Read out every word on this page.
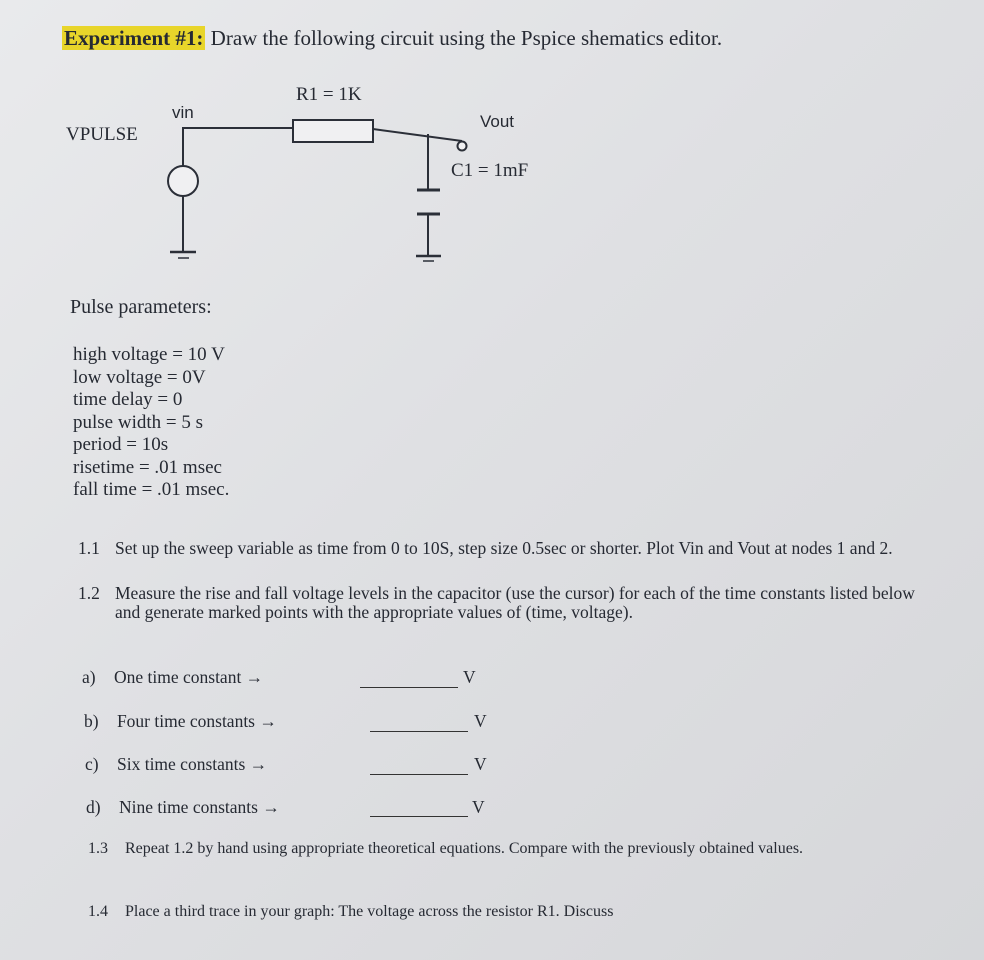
Experiment #1: Draw the following circuit using the Pspice shematics editor.
R1 = 1K
vin
VPULSE
Vout
C1 = 1mF
Pulse parameters:
high voltage = 10 V
low voltage = 0V
time delay = 0
pulse width = 5 s
period = 10s
risetime = .01 msec
fall time = .01 msec.
1.1 Set up the sweep variable as time from 0 to 10S, step size 0.5sec or shorter. Plot Vin and Vout at nodes 1 and 2.
1.2 Measure the rise and fall voltage levels in the capacitor (use the cursor) for each of the time constants listed below and generate marked points with the appropriate values of (time, voltage).
a) One time constant →	V
b) Four time constants →	V
c) Six time constants →	V
d) Nine time constants →	V
1.3 Repeat 1.2 by hand using appropriate theoretical equations. Compare with the previously obtained values.
1.4 Place a third trace in your graph: The voltage across the resistor R1. Discuss
